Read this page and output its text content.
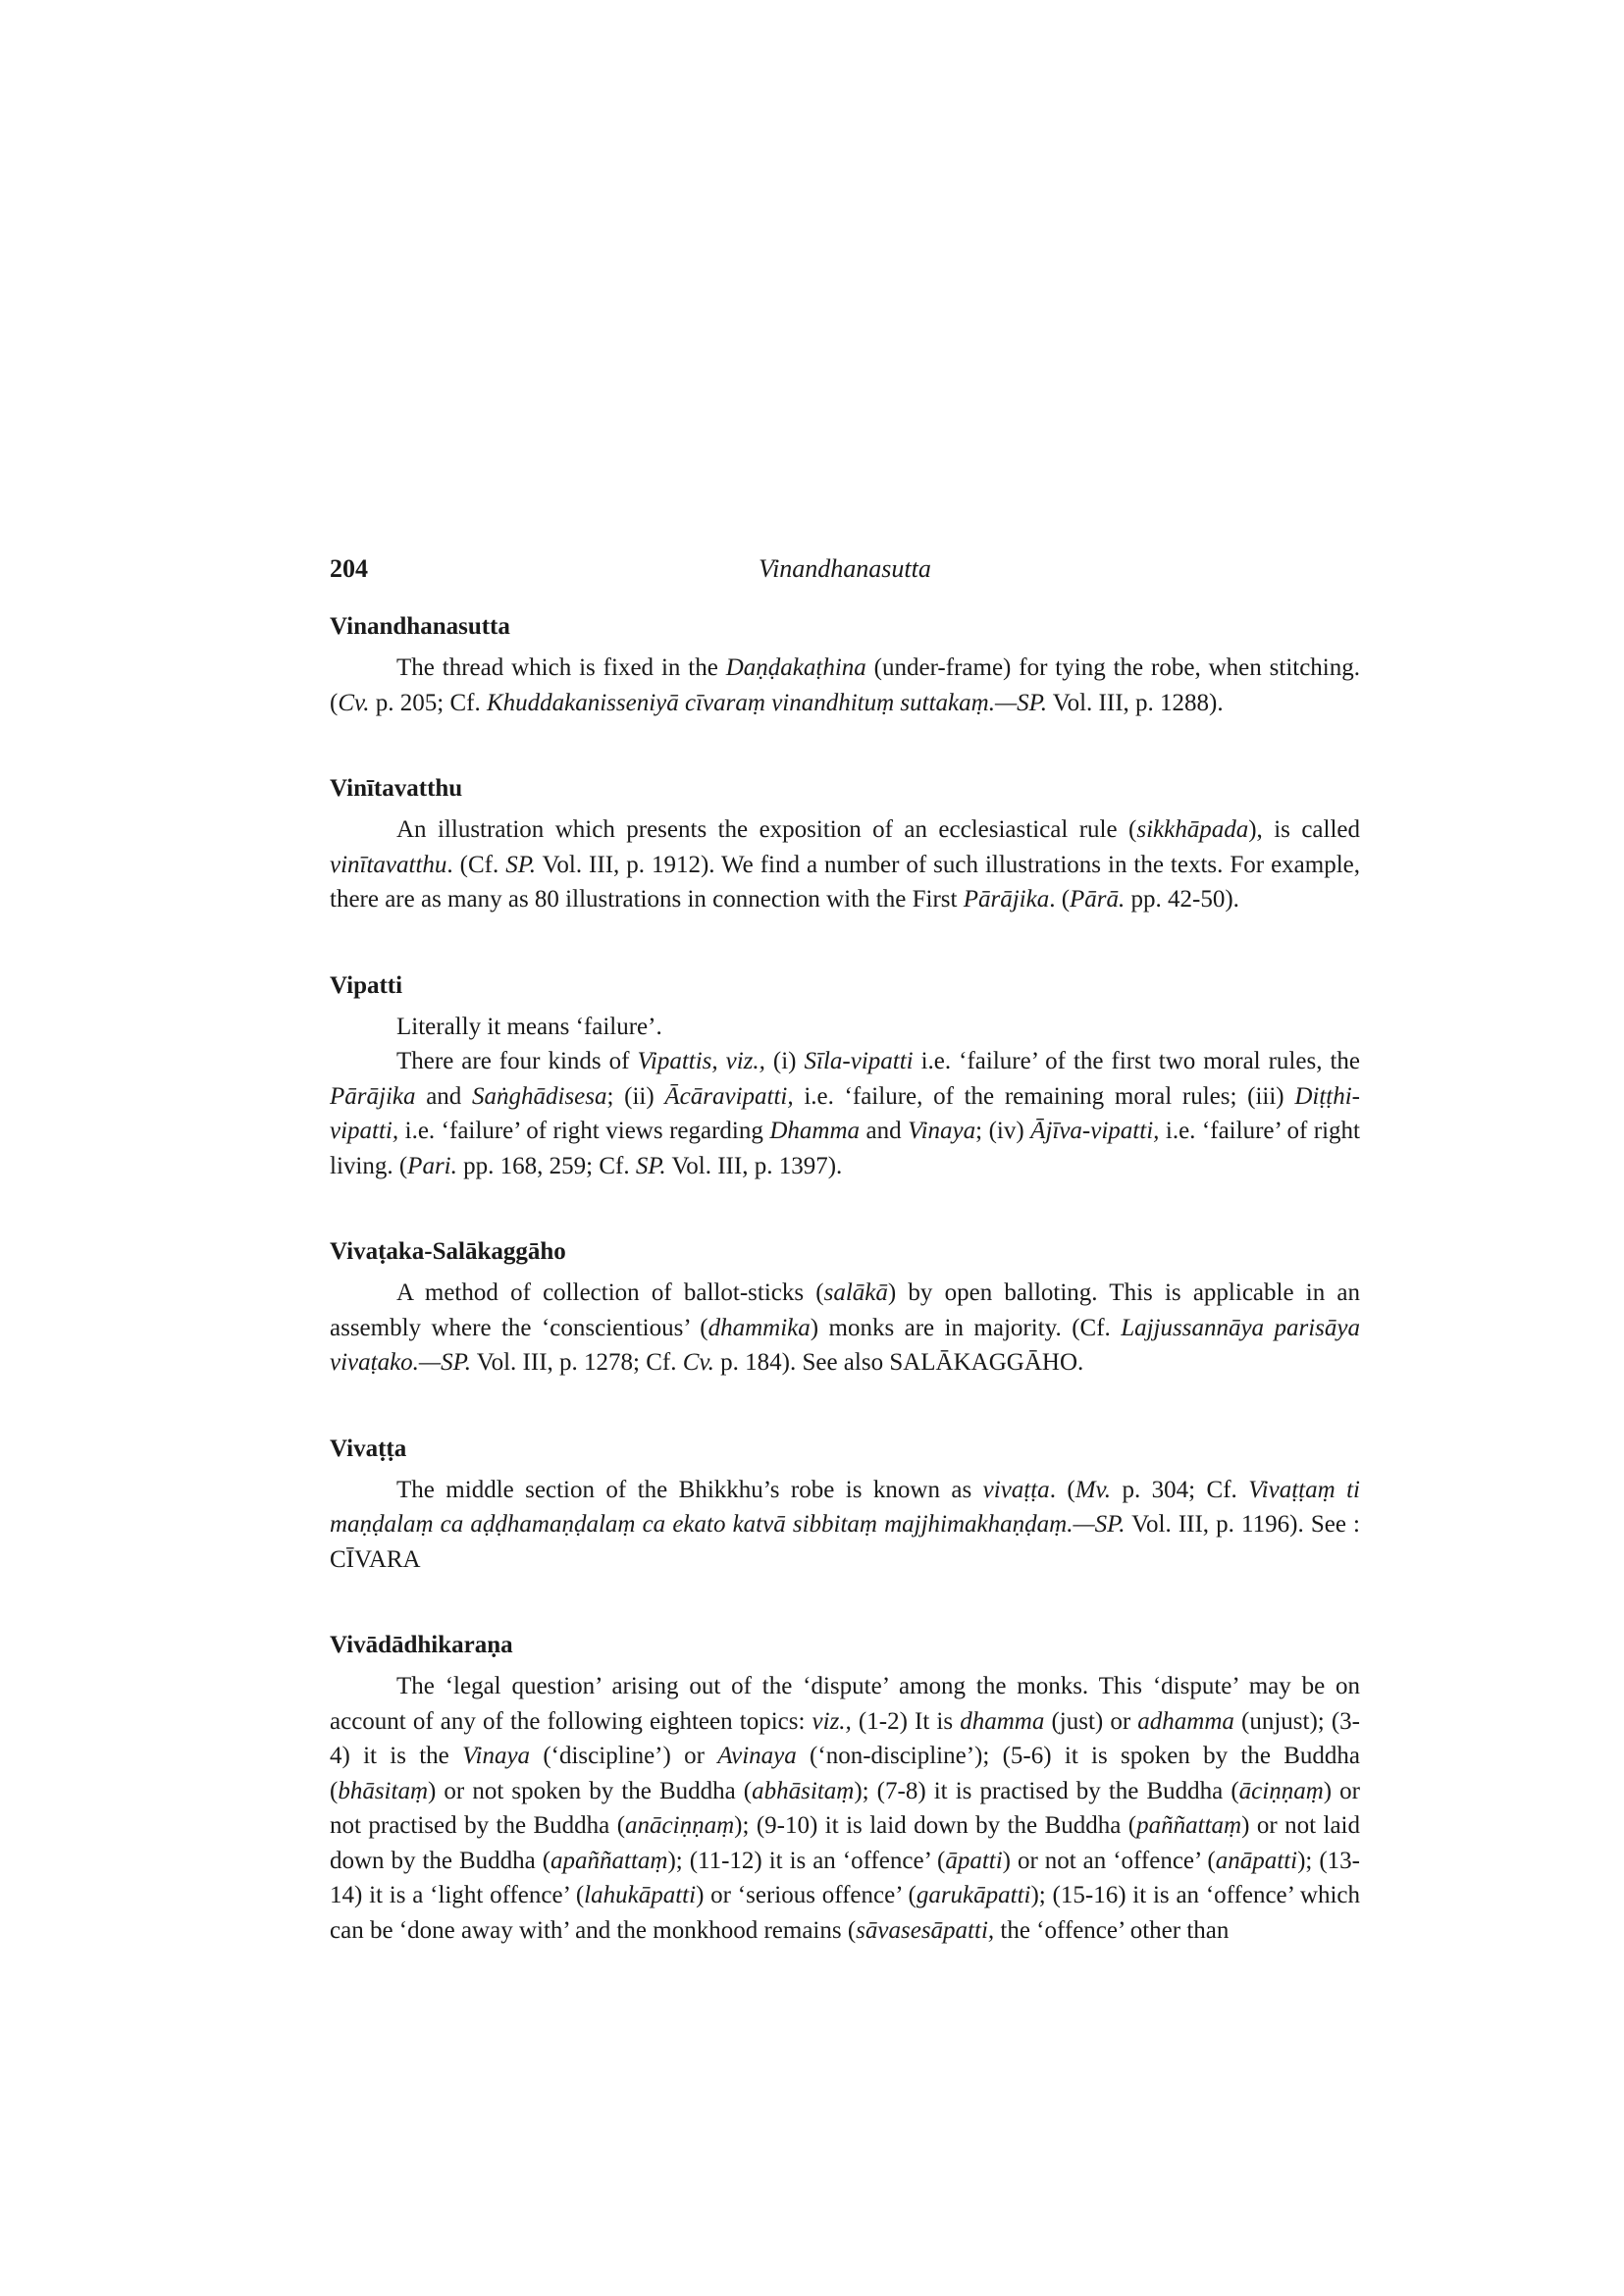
204	Vinandhanasutta
Vinandhanasutta

The thread which is fixed in the Daṇḍakaṭhina (under-frame) for tying the robe, when stitching. (Cv. p. 205; Cf. Khuddakanisseniyā cīvaraṃ vinandhituṃ suttakaṃ.—SP. Vol. III, p. 1288).

Vinītavatthu

An illustration which presents the exposition of an ecclesiastical rule (sikkhāpada), is called vinītavatthu. (Cf. SP. Vol. III, p. 1912). We find a number of such illustrations in the texts. For example, there are as many as 80 illustrations in connection with the First Pārājika. (Pārā. pp. 42-50).

Vipatti

Literally it means ‘failure’.

There are four kinds of Vipattis, viz., (i) Sīla-vipatti i.e. ‘failure’ of the first two moral rules, the Pārājika and Saṅghādisesa; (ii) Ācāravipatti, i.e. ‘failure, of the remaining moral rules; (iii) Diṭṭhi-vipatti, i.e. ‘failure’ of right views regarding Dhamma and Vinaya; (iv) Ājīva-vipatti, i.e. ‘failure’ of right living. (Pari. pp. 168, 259; Cf. SP. Vol. III, p. 1397).

Vivaṭaka-Salākaggāho

A method of collection of ballot-sticks (salākā) by open balloting. This is applicable in an assembly where the ‘conscientious’ (dhammika) monks are in majority. (Cf. Lajjussannāya parisāya vivaṭako.—SP. Vol. III, p. 1278; Cf. Cv. p. 184). See also SALĀKAGGĀHO.

Vivaṭṭa

The middle section of the Bhikkhu’s robe is known as vivaṭṭa. (Mv. p. 304; Cf. Vivaṭṭaṃ ti maṇḍalaṃ ca aḍḍhamaṇḍalaṃ ca ekato katvā sibbitaṃ majjhimakhaṇḍaṃ.—SP. Vol. III, p. 1196). See : CĪVARA

Vivādādhikaraṇa

The ‘legal question’ arising out of the ‘dispute’ among the monks. This ‘dispute’ may be on account of any of the following eighteen topics: viz., (1-2) It is dhamma (just) or adhamma (unjust); (3-4) it is the Vinaya (‘discipline’) or Avinaya (‘non-discipline’); (5-6) it is spoken by the Buddha (bhāsitaṃ) or not spoken by the Buddha (abhāsitaṃ); (7-8) it is practised by the Buddha (āciṇṇaṃ) or not practised by the Buddha (anāciṇṇaṃ); (9-10) it is laid down by the Buddha (paññattaṃ) or not laid down by the Buddha (apaññattaṃ); (11-12) it is an ‘offence’ (āpatti) or not an ‘offence’ (anāpatti); (13-14) it is a ‘light offence’ (lahukāpatti) or ‘serious offence’ (garukāpatti); (15-16) it is an ‘offence’ which can be ‘done away with’ and the monkhood remains (sāvasesāpatti, the ‘offence’ other than
